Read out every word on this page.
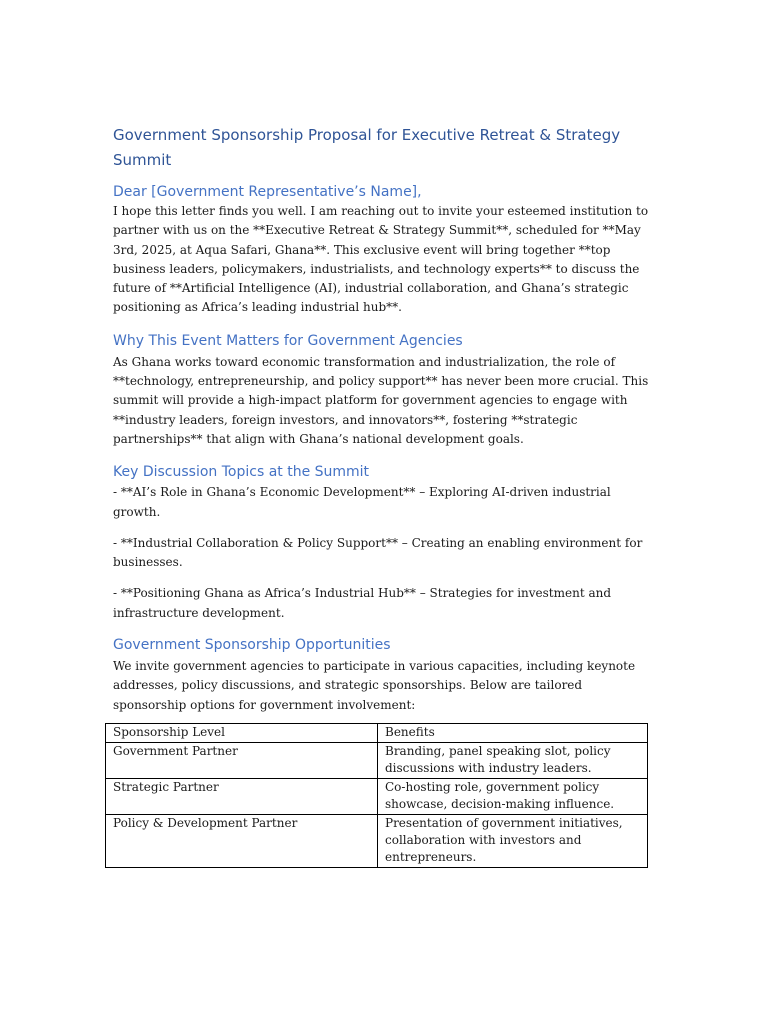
Government Sponsorship Proposal for Executive Retreat & Strategy Summit
Dear [Government Representative’s Name],

I hope this letter finds you well. I am reaching out to invite your esteemed institution to partner with us on the **Executive Retreat & Strategy Summit**, scheduled for **May 3rd, 2025, at Aqua Safari, Ghana**. This exclusive event will bring together **top business leaders, policymakers, industrialists, and technology experts** to discuss the future of **Artificial Intelligence (AI), industrial collaboration, and Ghana’s strategic positioning as Africa’s leading industrial hub**.

Why This Event Matters for Government Agencies

As Ghana works toward economic transformation and industrialization, the role of **technology, entrepreneurship, and policy support** has never been more crucial. This summit will provide a high-impact platform for government agencies to engage with **industry leaders, foreign investors, and innovators**, fostering **strategic partnerships** that align with Ghana’s national development goals.

Key Discussion Topics at the Summit

- **AI’s Role in Ghana’s Economic Development** – Exploring AI-driven industrial growth.

- **Industrial Collaboration & Policy Support** – Creating an enabling environment for businesses.

- **Positioning Ghana as Africa’s Industrial Hub** – Strategies for investment and infrastructure development.

Government Sponsorship Opportunities

We invite government agencies to participate in various capacities, including keynote addresses, policy discussions, and strategic sponsorships. Below are tailored sponsorship options for government involvement:

Sponsorship Level	Benefits
Government Partner	Branding, panel speaking slot, policy discussions with industry leaders.
Strategic Partner	Co-hosting role, government policy showcase, decision-making influence.
Policy & Development Partner	Presentation of government initiatives, collaboration with investors and entrepreneurs.
